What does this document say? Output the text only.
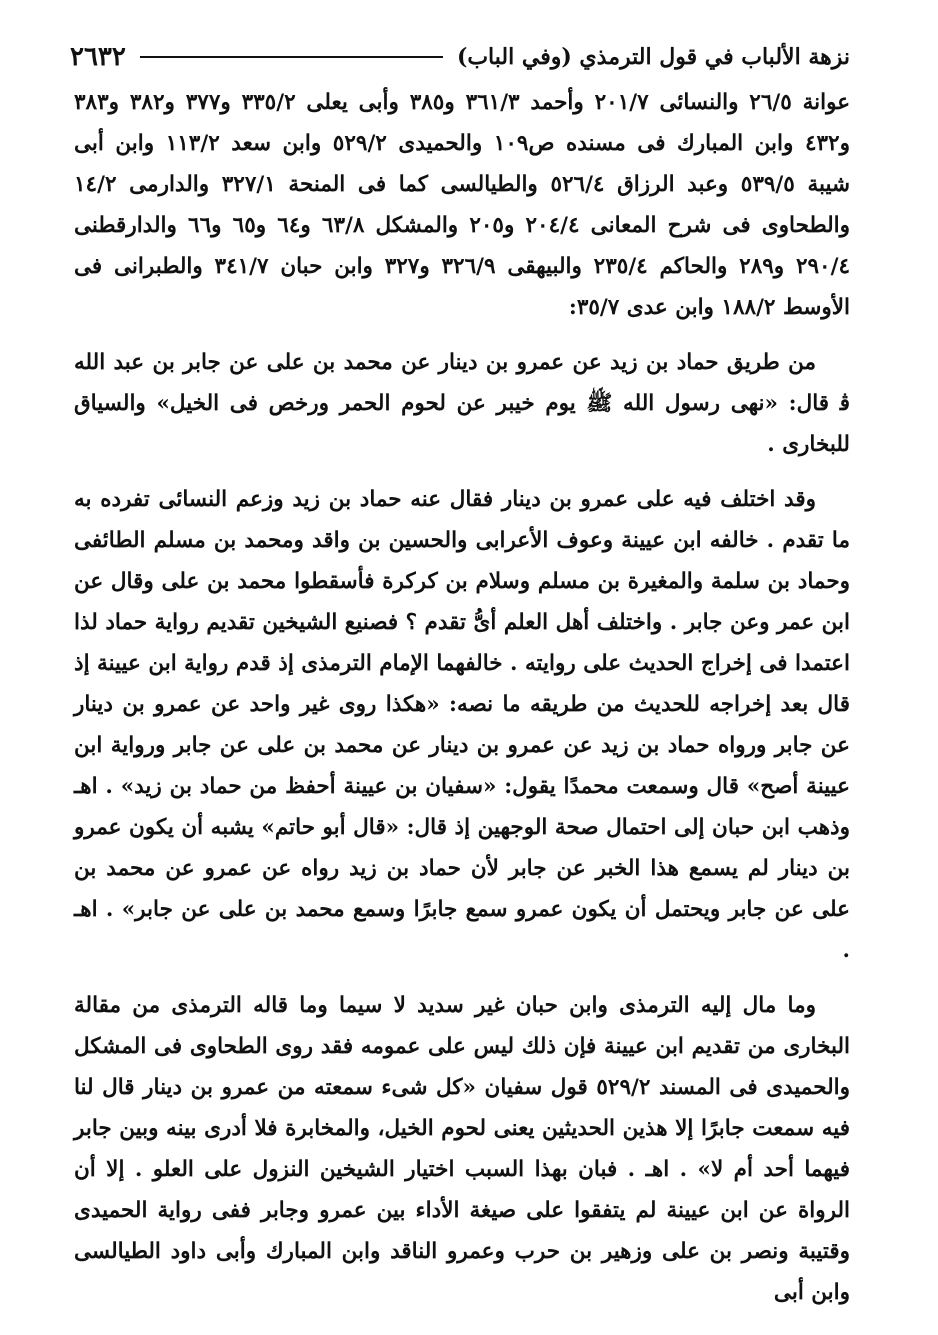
٢٦٣٢	نزهة الألباب في قول الترمذي (وفي الباب)

عوانة ٢٦/٥ والنسائى ٢٠١/٧ وأحمد ٣٦١/٣ و٣٨٥ وأبى يعلى ٣٣٥/٢ و٣٧٧ و٣٨٢ و٣٨٣ و٤٣٢ وابن المبارك فى مسنده ص١٠٩ والحميدى ٥٢٩/٢ وابن سعد ١١٣/٢ وابن أبى شيبة ٥٣٩/٥ وعبد الرزاق ٥٢٦/٤ والطيالسى كما فى المنحة ٣٢٧/١ والدارمى ١٤/٢ والطحاوى فى شرح المعانى ٢٠٤/٤ و٢٠٥ والمشكل ٦٣/٨ و٦٤ و٦٥ و٦٦ والدارقطنى ٢٩٠/٤ و٢٨٩ والحاكم ٢٣٥/٤ والبيهقى ٣٢٦/٩ و٣٢٧ وابن حبان ٣٤١/٧ والطبرانى فى الأوسط ١٨٨/٢ وابن عدى ٣٥/٧:

من طريق حماد بن زيد عن عمرو بن دينار عن محمد بن على عن جابر بن عبد الله ﭬ قال: «نهى رسول الله ﷺ يوم خيبر عن لحوم الحمر ورخص فى الخيل» والسياق للبخارى .

وقد اختلف فيه على عمرو بن دينار فقال عنه حماد بن زيد وزعم النسائى تفرده به ما تقدم . خالفه ابن عيينة وعوف الأعرابى والحسين بن واقد ومحمد بن مسلم الطائفى وحماد بن سلمة والمغيرة بن مسلم وسلام بن كركرة فأسقطوا محمد بن على وقال عن ابن عمر وعن جابر . واختلف أهل العلم أىُّ تقدم ؟ فصنيع الشيخين تقديم رواية حماد لذا اعتمدا فى إخراج الحديث على روايته . خالفهما الإمام الترمذى إذ قدم رواية ابن عيينة إذ قال بعد إخراجه للحديث من طريقه ما نصه: «هكذا روى غير واحد عن عمرو بن دينار عن جابر ورواه حماد بن زيد عن عمرو بن دينار عن محمد بن على عن جابر ورواية ابن عيينة أصح» قال وسمعت محمدًا يقول: «سفيان بن عيينة أحفظ من حماد بن زيد» . اهـ وذهب ابن حبان إلى احتمال صحة الوجهين إذ قال: «قال أبو حاتم» يشبه أن يكون عمرو بن دينار لم يسمع هذا الخبر عن جابر لأن حماد بن زيد رواه عن عمرو عن محمد بن على عن جابر ويحتمل أن يكون عمرو سمع جابرًا وسمع محمد بن على عن جابر» . اهـ .

وما مال إليه الترمذى وابن حبان غير سديد لا سيما وما قاله الترمذى من مقالة البخارى من تقديم ابن عيينة فإن ذلك ليس على عمومه فقد روى الطحاوى فى المشكل والحميدى فى المسند ٥٢٩/٢ قول سفيان «كل شىء سمعته من عمرو بن دينار قال لنا فيه سمعت جابرًا إلا هذين الحديثين يعنى لحوم الخيل، والمخابرة فلا أدرى بينه وبين جابر فيهما أحد أم لا» . اهـ . فبان بهذا السبب اختيار الشيخين النزول على العلو . إلا أن الرواة عن ابن عيينة لم يتفقوا على صيغة الأداء بين عمرو وجابر ففى رواية الحميدى وقتيبة ونصر بن على وزهير بن حرب وعمرو الناقد وابن المبارك وأبى داود الطيالسى وابن أبى
